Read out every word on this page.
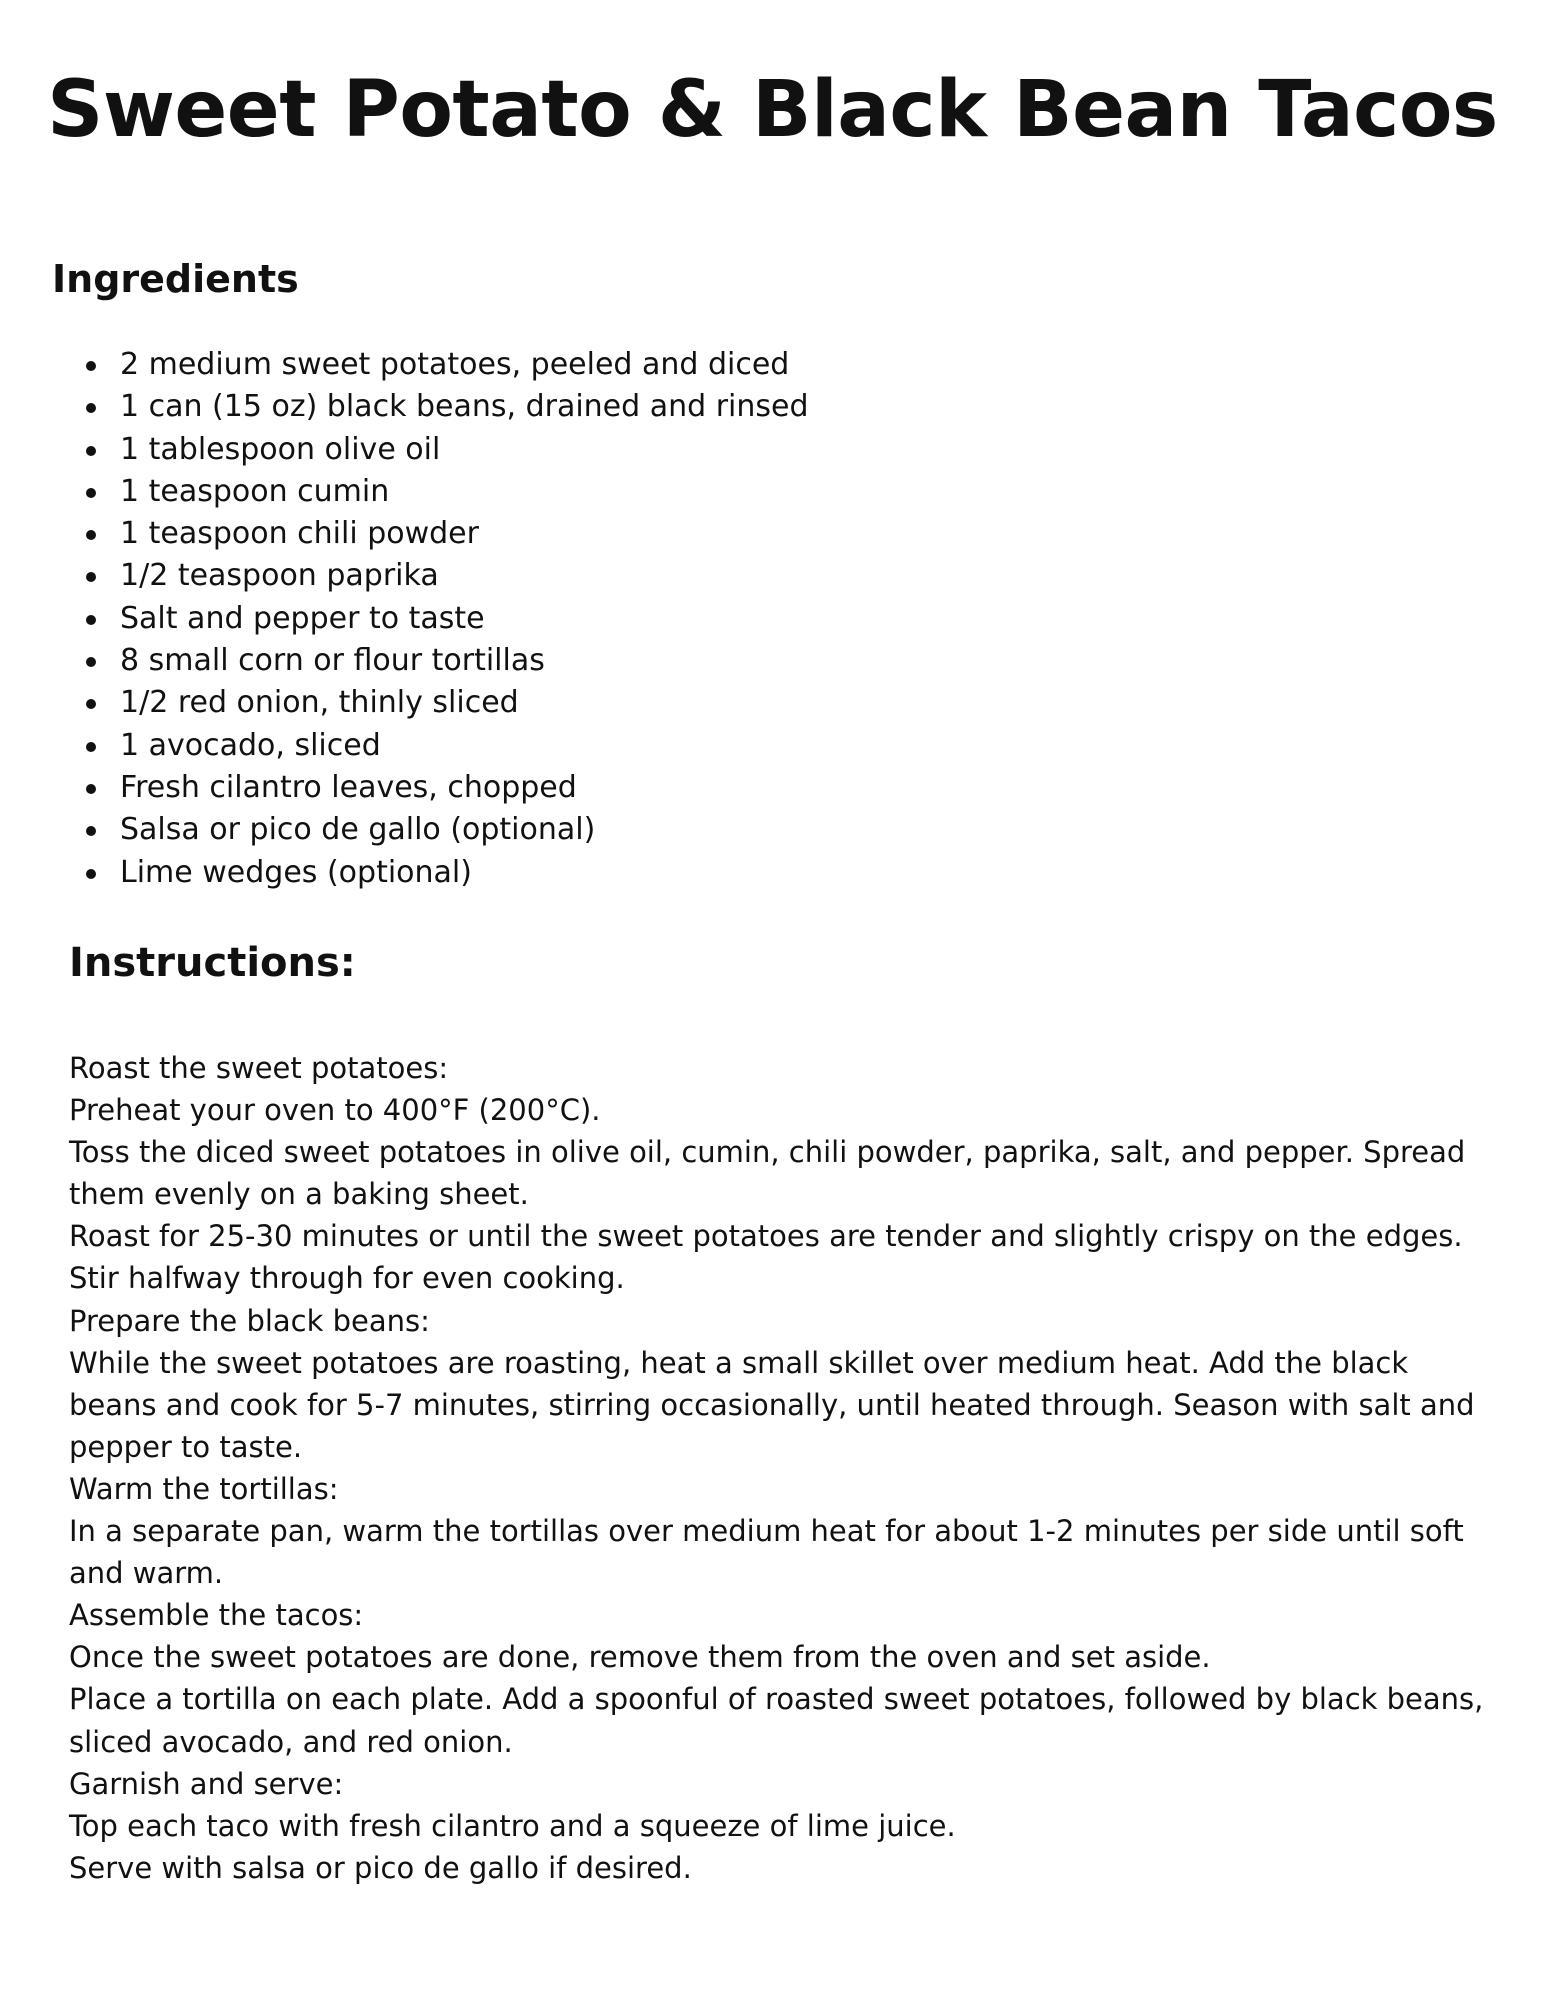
Sweet Potato & Black Bean Tacos
Ingredients
2 medium sweet potatoes, peeled and diced
1 can (15 oz) black beans, drained and rinsed
1 tablespoon olive oil
1 teaspoon cumin
1 teaspoon chili powder
1/2 teaspoon paprika
Salt and pepper to taste
8 small corn or flour tortillas
1/2 red onion, thinly sliced
1 avocado, sliced
Fresh cilantro leaves, chopped
Salsa or pico de gallo (optional)
Lime wedges (optional)
Instructions:

Roast the sweet potatoes:

Preheat your oven to 400°F (200°C).

Toss the diced sweet potatoes in olive oil, cumin, chili powder, paprika, salt, and pepper. Spread them evenly on a baking sheet.

Roast for 25-30 minutes or until the sweet potatoes are tender and slightly crispy on the edges. Stir halfway through for even cooking.

Prepare the black beans:

While the sweet potatoes are roasting, heat a small skillet over medium heat. Add the black beans and cook for 5-7 minutes, stirring occasionally, until heated through. Season with salt and pepper to taste.

Warm the tortillas:

In a separate pan, warm the tortillas over medium heat for about 1-2 minutes per side until soft and warm.

Assemble the tacos:

Once the sweet potatoes are done, remove them from the oven and set aside.

Place a tortilla on each plate. Add a spoonful of roasted sweet potatoes, followed by black beans, sliced avocado, and red onion.

Garnish and serve:

Top each taco with fresh cilantro and a squeeze of lime juice.

Serve with salsa or pico de gallo if desired.
